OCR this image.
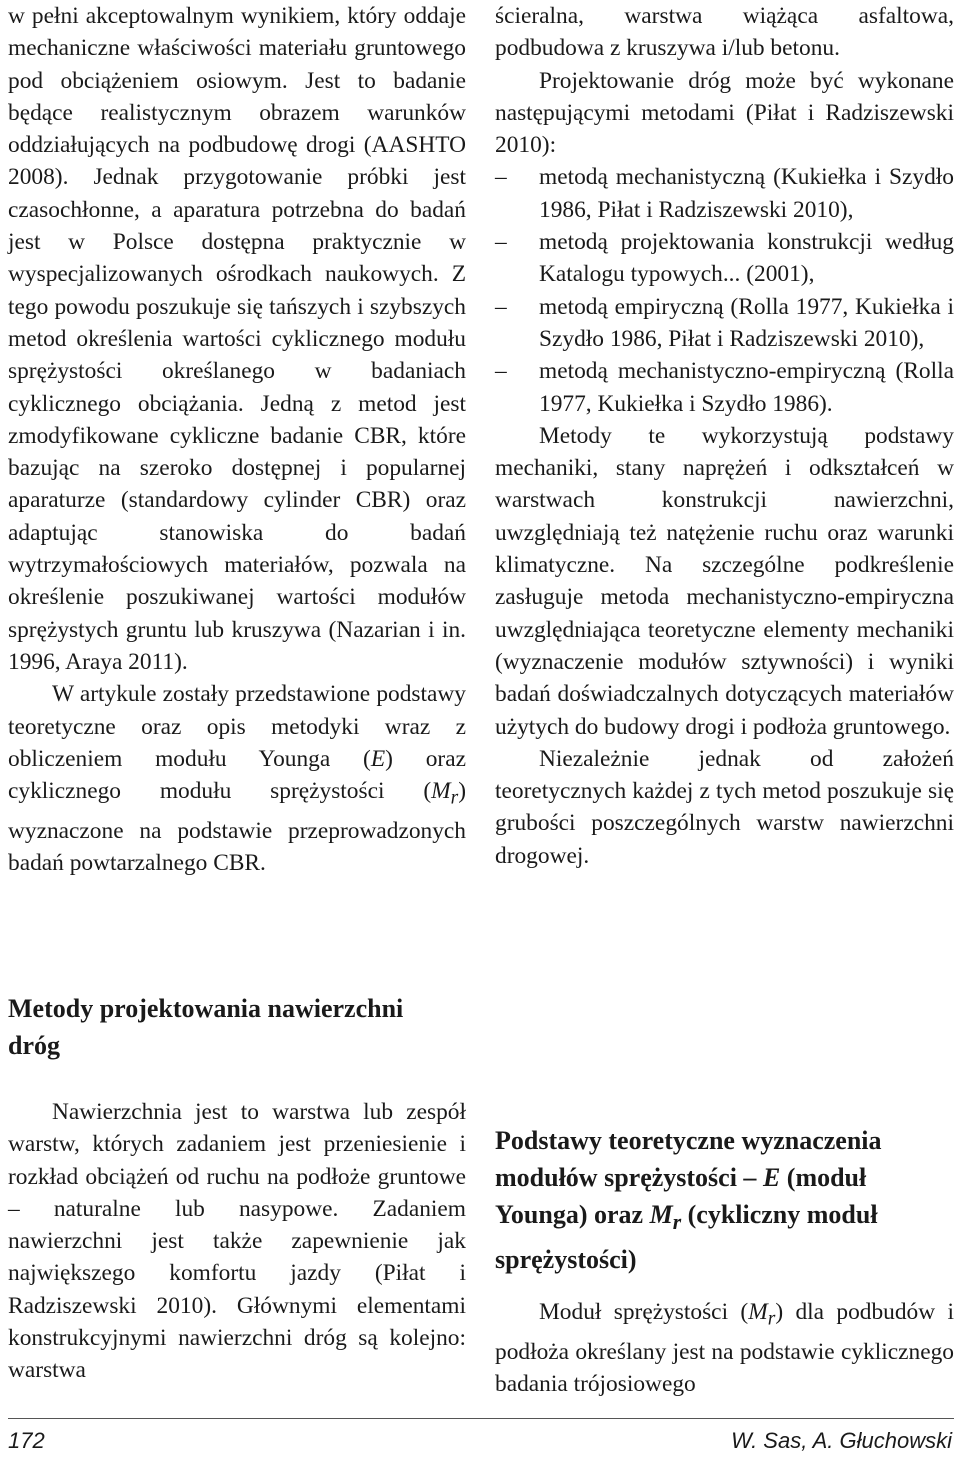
w pełni akceptowalnym wynikiem, który oddaje mechaniczne właściwości materiału gruntowego pod obciążeniem osiowym. Jest to badanie będące realistycznym obrazem warunków oddziałujących na podbudowę drogi (AASHTO 2008). Jednak przygotowanie próbki jest czasochłonne, a aparatura potrzebna do badań jest w Polsce dostępna praktycznie w wyspecjalizowanych ośrodkach naukowych. Z tego powodu poszukuje się tańszych i szybszych metod określenia wartości cyklicznego modułu sprężystości określanego w badaniach cyklicznego obciążania. Jedną z metod jest zmodyfikowane cykliczne badanie CBR, które bazując na szeroko dostępnej i popularnej aparaturze (standardowy cylinder CBR) oraz adaptując stanowiska do badań wytrzymałościowych materiałów, pozwala na określenie poszukiwanej wartości modułów sprężystych gruntu lub kruszywa (Nazarian i in. 1996, Araya 2011).

W artykule zostały przedstawione podstawy teoretyczne oraz opis metodyki wraz z obliczeniem modułu Younga (E) oraz cyklicznego modułu sprężystości $(M_r)$ wyznaczone na podstawie przeprowadzonych badań powtarzalnego CBR.

Metody projektowania nawierzchni dróg

Nawierzchnia jest to warstwa lub zespół warstw, których zadaniem jest przeniesienie i rozkład obciążeń od ruchu na podłoże gruntowe – naturalne lub nasypowe. Zadaniem nawierzchni jest także zapewnienie jak największego komfortu jazdy (Piłat i Radziszewski 2010). Głównymi elementami konstrukcyjnymi nawierzchni dróg są kolejno: warstwa

ścieralna, warstwa wiążąca asfaltowa, podbudowa z kruszywa i/lub betonu.

Projektowanie dróg może być wykonane następującymi metodami (Piłat i Radziszewski 2010):

– metodą mechanistyczną (Kukiełka i Szydło 1986, Piłat i Radziszewski 2010),
– metodą projektowania konstrukcji według Katalogu typowych... (2001),
– metodą empiryczną (Rolla 1977, Kukiełka i Szydło 1986, Piłat i Radziszewski 2010),
– metodą mechanistyczno-empiryczną (Rolla 1977, Kukiełka i Szydło 1986).

Metody te wykorzystują podstawy mechaniki, stany naprężeń i odkształceń w warstwach konstrukcji nawierzchni, uwzględniają też natężenie ruchu oraz warunki klimatyczne. Na szczególne podkreślenie zasługuje metoda mechanistyczno-empiryczna uwzględniająca teoretyczne elementy mechaniki (wyznaczenie modułów sztywności) i wyniki badań doświadczalnych dotyczących materiałów użytych do budowy drogi i podłoża gruntowego.

Niezależnie jednak od założeń teoretycznych każdej z tych metod poszukuje się grubości poszczególnych warstw nawierzchni drogowej.

Podstawy teoretyczne wyznaczenia modułów sprężystości – E (moduł Younga) oraz $M_r$ (cykliczny moduł sprężystości)

Moduł sprężystości $(M_r)$ dla podbudów i podłoża określany jest na podstawie cyklicznego badania trójosiowego

172	W. Sas, A. Głuchowski
